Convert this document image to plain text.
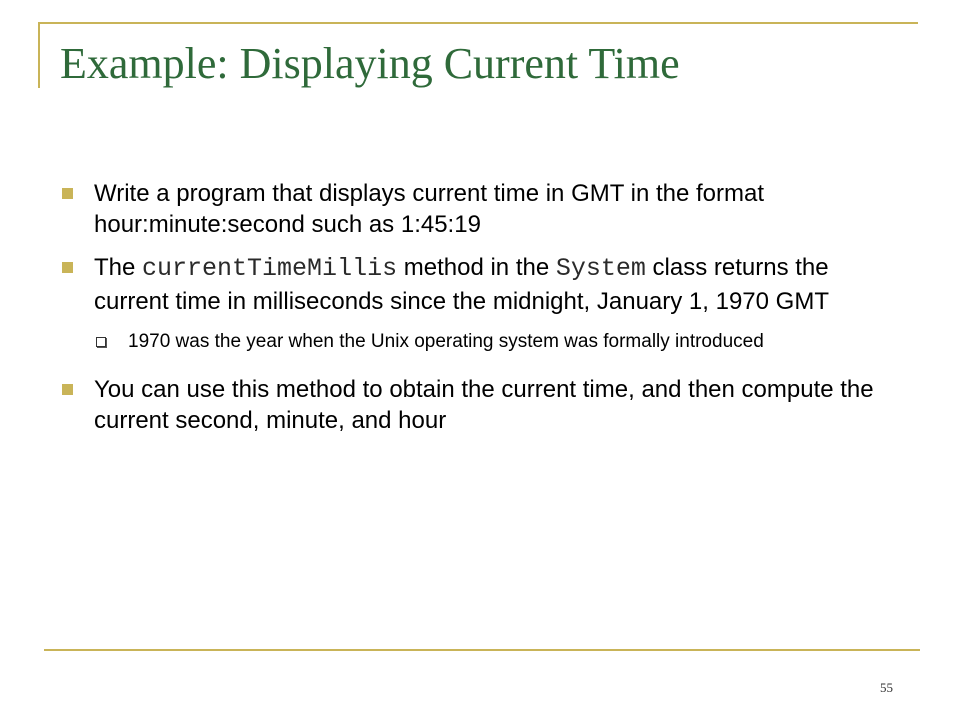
Example: Displaying Current Time
Write a program that displays current time in GMT in the format hour:minute:second such as 1:45:19
The currentTimeMillis method in the System class returns the current time in milliseconds since the midnight, January 1, 1970 GMT
1970 was the year when the Unix operating system was formally introduced
You can use this method to obtain the current time, and then compute the current second, minute, and hour
55
